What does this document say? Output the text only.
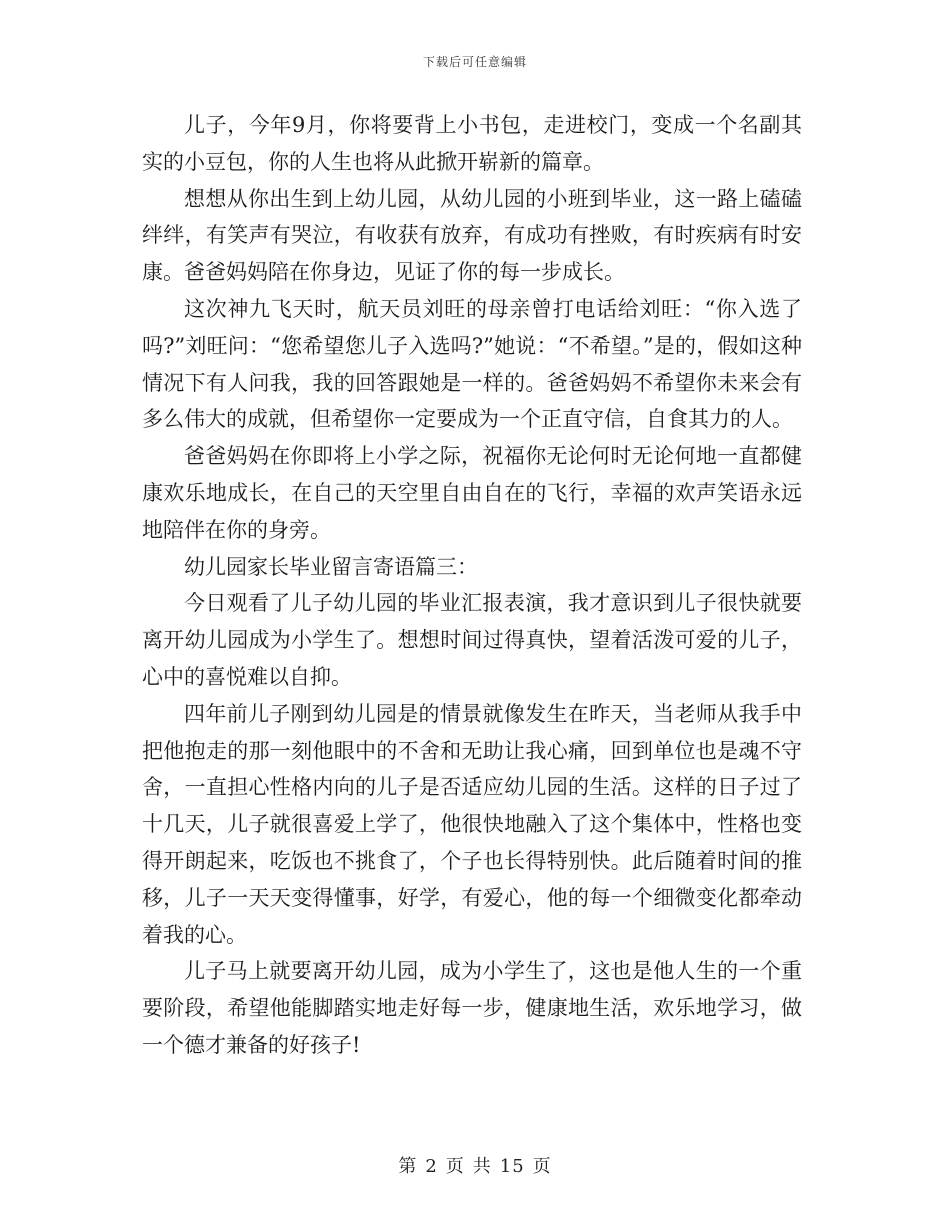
下载后可任意编辑

儿子，今年9月，你将要背上小书包，走进校门，变成一个名副其实的小豆包，你的人生也将从此掀开崭新的篇章。

想想从你出生到上幼儿园，从幼儿园的小班到毕业，这一路上磕磕绊绊，有笑声有哭泣，有收获有放弃，有成功有挫败，有时疾病有时安康。爸爸妈妈陪在你身边，见证了你的每一步成长。

这次神九飞天时，航天员刘旺的母亲曾打电话给刘旺：“你入选了吗?”刘旺问：“您希望您儿子入选吗?”她说：“不希望。”是的，假如这种情况下有人问我，我的回答跟她是一样的。爸爸妈妈不希望你未来会有多么伟大的成就，但希望你一定要成为一个正直守信，自食其力的人。

爸爸妈妈在你即将上小学之际，祝福你无论何时无论何地一直都健康欢乐地成长，在自己的天空里自由自在的飞行，幸福的欢声笑语永远地陪伴在你的身旁。

幼儿园家长毕业留言寄语篇三：

今日观看了儿子幼儿园的毕业汇报表演，我才意识到儿子很快就要离开幼儿园成为小学生了。想想时间过得真快，望着活泼可爱的儿子，心中的喜悦难以自抑。

四年前儿子刚到幼儿园是的情景就像发生在昨天，当老师从我手中把他抱走的那一刻他眼中的不舍和无助让我心痛，回到单位也是魂不守舍，一直担心性格内向的儿子是否适应幼儿园的生活。这样的日子过了十几天，儿子就很喜爱上学了，他很快地融入了这个集体中，性格也变得开朗起来，吃饭也不挑食了，个子也长得特别快。此后随着时间的推移，儿子一天天变得懂事，好学，有爱心，他的每一个细微变化都牵动着我的心。

儿子马上就要离开幼儿园，成为小学生了，这也是他人生的一个重要阶段，希望他能脚踏实地走好每一步，健康地生活，欢乐地学习，做一个德才兼备的好孩子!

第 2 页 共 15 页
